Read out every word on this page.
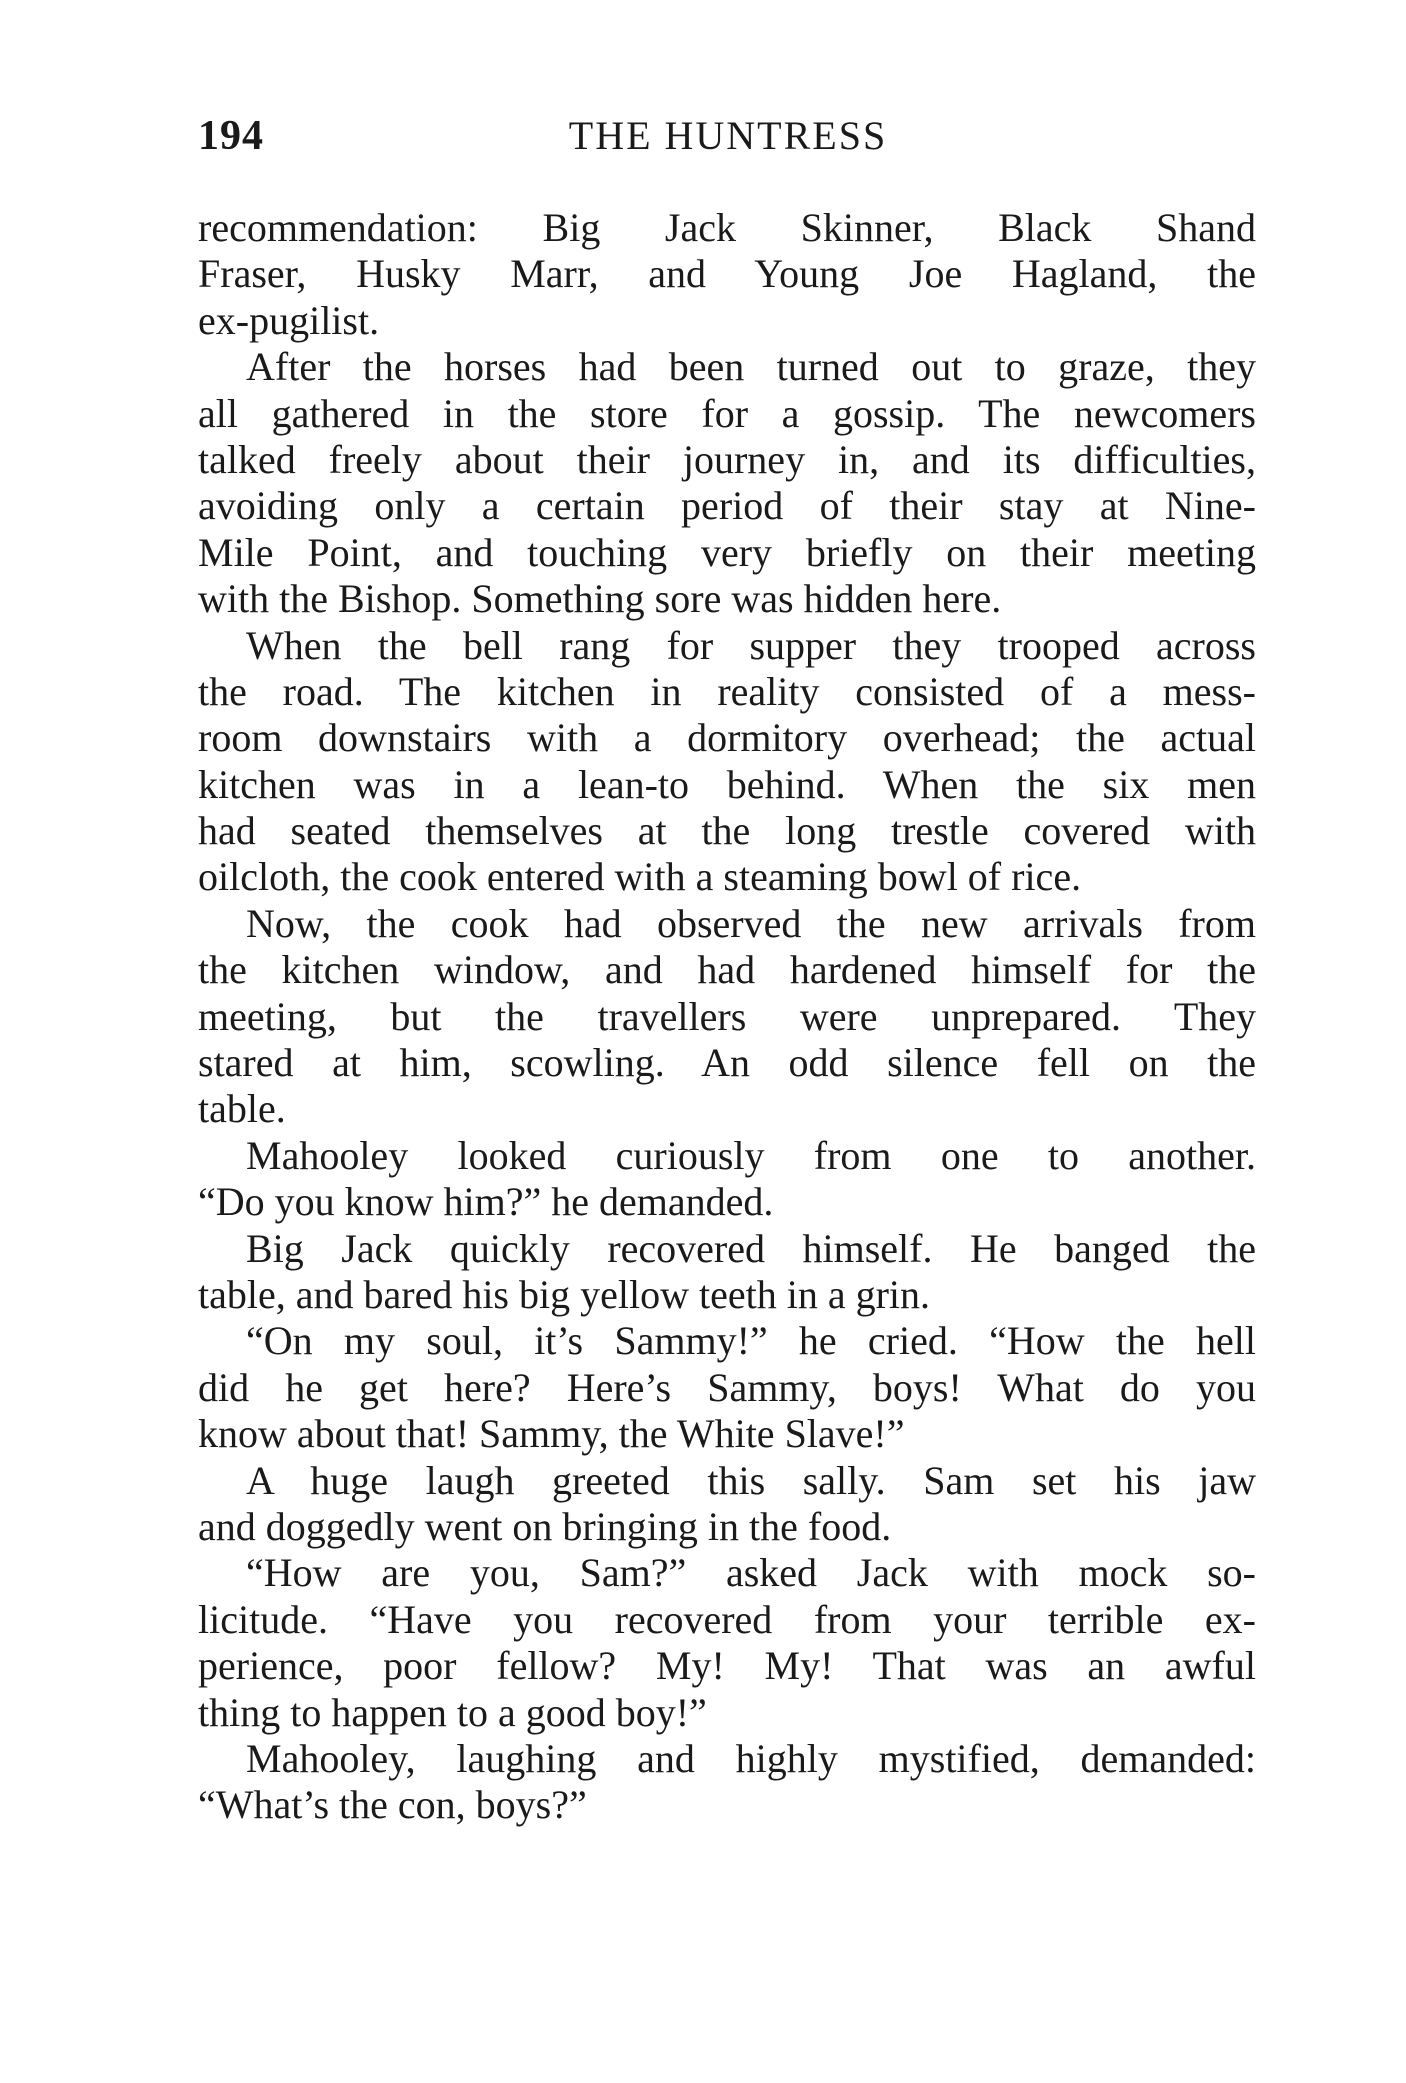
194	THE HUNTRESS
recommendation: Big Jack Skinner, Black Shand
Fraser, Husky Marr, and Young Joe Hagland, the
ex-pugilist.
After the horses had been turned out to graze, they
all gathered in the store for a gossip. The newcomers
talked freely about their journey in, and its difficulties,
avoiding only a certain period of their stay at Nine-
Mile Point, and touching very briefly on their meeting
with the Bishop. Something sore was hidden here.
When the bell rang for supper they trooped across
the road. The kitchen in reality consisted of a mess-
room downstairs with a dormitory overhead; the actual
kitchen was in a lean-to behind. When the six men
had seated themselves at the long trestle covered with
oilcloth, the cook entered with a steaming bowl of rice.
Now, the cook had observed the new arrivals from
the kitchen window, and had hardened himself for the
meeting, but the travellers were unprepared. They
stared at him, scowling. An odd silence fell on the
table.
Mahooley looked curiously from one to another.
“Do you know him?” he demanded.
Big Jack quickly recovered himself. He banged the
table, and bared his big yellow teeth in a grin.
“On my soul, it’s Sammy!” he cried. “How the hell
did he get here? Here’s Sammy, boys! What do you
know about that! Sammy, the White Slave!”
A huge laugh greeted this sally. Sam set his jaw
and doggedly went on bringing in the food.
“How are you, Sam?” asked Jack with mock so-
licitude. “Have you recovered from your terrible ex-
perience, poor fellow? My! My! That was an awful
thing to happen to a good boy!”
Mahooley, laughing and highly mystified, demanded:
“What’s the con, boys?”
